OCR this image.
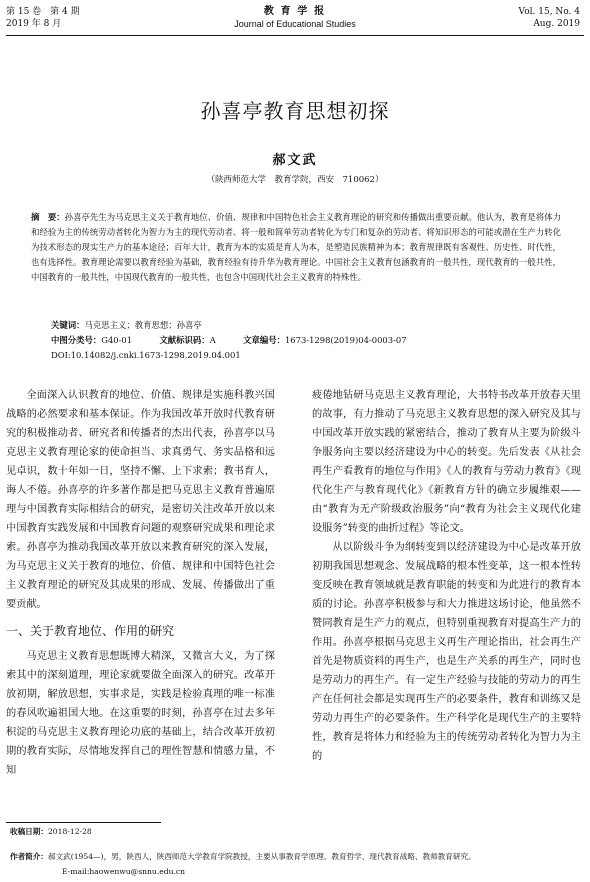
第 15 卷　第 4 期
2019 年 8 月
教 育 学 报
Journal of Educational Studies
Vol. 15, No. 4
Aug. 2019
孙喜亭教育思想初探
郝文武
（陕西师范大学　教育学院，西安　710062）
摘　要：孙喜亭先生为马克思主义关于教育地位、价值、规律和中国特色社会主义教育理论的研究和传播做出重要贡献。他认为，教育是将体力和经验为主的传统劳动者转化为智力为主的现代劳动者、将一般和简单劳动者转化为专门和复杂的劳动者、将知识形态的可能或潜在生产力转化为技术形态的现实生产力的基本途径；百年大计，教育为本的实质是育人为本，是塑造民族精神为本；教育规律既有客观性、历史性、时代性，也有选择性。教育理论需要以教育经验为基础，教育经验有待升华为教育理论。中国社会主义教育包涵教育的一般共性，现代教育的一般共性，中国教育的一般共性，中国现代教育的一般共性，也包含中国现代社会主义教育的特殊性。
关键词：马克思主义；教育思想；孙喜亭
中图分类号：G40-01	文献标识码：A	文章编号：1673-1298(2019)04-0003-07
DOI:10.14082/j.cnki.1673-1298.2019.04.001

全面深入认识教育的地位、价值、规律是实施科教兴国战略的必然要求和基本保证。作为我国改革开放时代教育研究的积极推动者、研究者和传播者的杰出代表，孙喜亭以马克思主义教育理论家的使命担当、求真勇气、务实品格和远见卓识，数十年如一日，坚持不懈、上下求索；教书育人，诲人不倦。孙喜亭的许多著作都是把马克思主义教育普遍原理与中国教育实际相结合的研究，是密切关注改革开放以来中国教育实践发展和中国教育问题的观察研究成果和理论求索。孙喜亭为推动我国改革开放以来教育研究的深入发展，为马克思主义关于教育的地位、价值、规律和中国特色社会主义教育理论的研究及其成果的形成、发展、传播做出了重要贡献。

一、关于教育地位、作用的研究

马克思主义教育思想既博大精深，又微言大义，为了探索其中的深刻道理，理论家就要做全面深入的研究。改革开放初期，解放思想，实事求是，实践是检验真理的唯一标准的春风吹遍祖国大地。在这重要的时刻，孙喜亭在过去多年积淀的马克思主义教育理论功底的基础上，结合改革开放初期的教育实际，尽情地发挥自己的理性智慧和情感力量，不知

疲倦地钻研马克思主义教育理论，大书特书改革开放春天里的故事，有力推动了马克思主义教育思想的深入研究及其与中国改革开放实践的紧密结合，推动了教育从主要为阶级斗争服务向主要以经济建设为中心的转变。先后发表《从社会再生产看教育的地位与作用》《人的教育与劳动力教育》《现代化生产与教育现代化》《新教育方针的确立步履维艰——由“教育为无产阶级政治服务”向“教育为社会主义现代化建设服务”转变的曲折过程》等论文。

从以阶级斗争为纲转变到以经济建设为中心是改革开放初期我国思想观念、发展战略的根本性变革，这一根本性转变反映在教育领域就是教育职能的转变和为此进行的教育本质的讨论。孙喜亭积极参与和大力推进这场讨论，他虽然不赞同教育是生产力的观点，但特别重视教育对提高生产力的作用。孙喜亭根据马克思主义再生产理论指出，社会再生产首先是物质资料的再生产，也是生产关系的再生产，同时也是劳动力的再生产。有一定生产经验与技能的劳动力的再生产在任何社会都是实现再生产的必要条件，教育和训练又是劳动力再生产的必要条件。生产科学化是现代生产的主要特性，教育是将体力和经验为主的传统劳动者转化为智力为主的

收稿日期：2018-12-28
作者简介：郝文武(1954—)，男，陕西人，陕西师范大学教育学院教授，主要从事教育学原理、教育哲学、现代教育战略、教师教育研究。
E-mail:haowenwu@snnu.edu.cn
